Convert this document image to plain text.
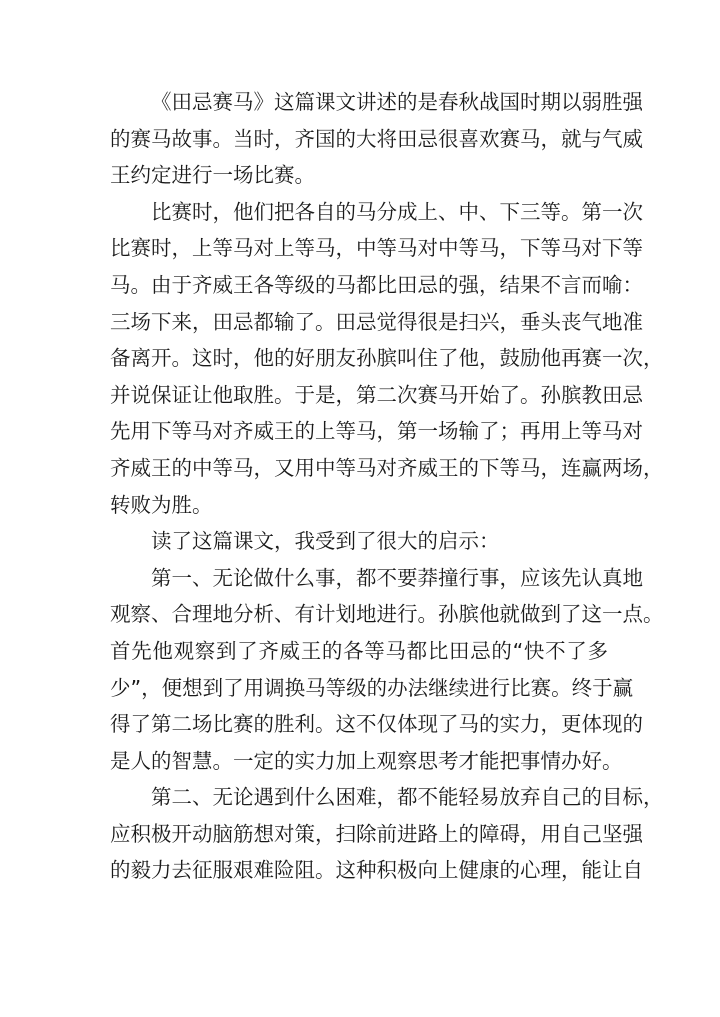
《田忌赛马》这篇课文讲述的是春秋战国时期以弱胜强
的赛马故事。当时，齐国的大将田忌很喜欢赛马，就与气威
王约定进行一场比赛。
比赛时，他们把各自的马分成上、中、下三等。第一次
比赛时，上等马对上等马，中等马对中等马，下等马对下等
马。由于齐威王各等级的马都比田忌的强，结果不言而喻：
三场下来，田忌都输了。田忌觉得很是扫兴，垂头丧气地准
备离开。这时，他的好朋友孙膑叫住了他，鼓励他再赛一次，
并说保证让他取胜。于是，第二次赛马开始了。孙膑教田忌
先用下等马对齐威王的上等马，第一场输了；再用上等马对
齐威王的中等马，又用中等马对齐威王的下等马，连赢两场，
转败为胜。
读了这篇课文，我受到了很大的启示：
第一、无论做什么事，都不要莽撞行事，应该先认真地
观察、合理地分析、有计划地进行。孙膑他就做到了这一点。
首先他观察到了齐威王的各等马都比田忌的“快不了多
少”，便想到了用调换马等级的办法继续进行比赛。终于赢
得了第二场比赛的胜利。这不仅体现了马的实力，更体现的
是人的智慧。一定的实力加上观察思考才能把事情办好。
第二、无论遇到什么困难，都不能轻易放弃自己的目标，
应积极开动脑筋想对策，扫除前进路上的障碍，用自己坚强
的毅力去征服艰难险阻。这种积极向上健康的心理，能让自
